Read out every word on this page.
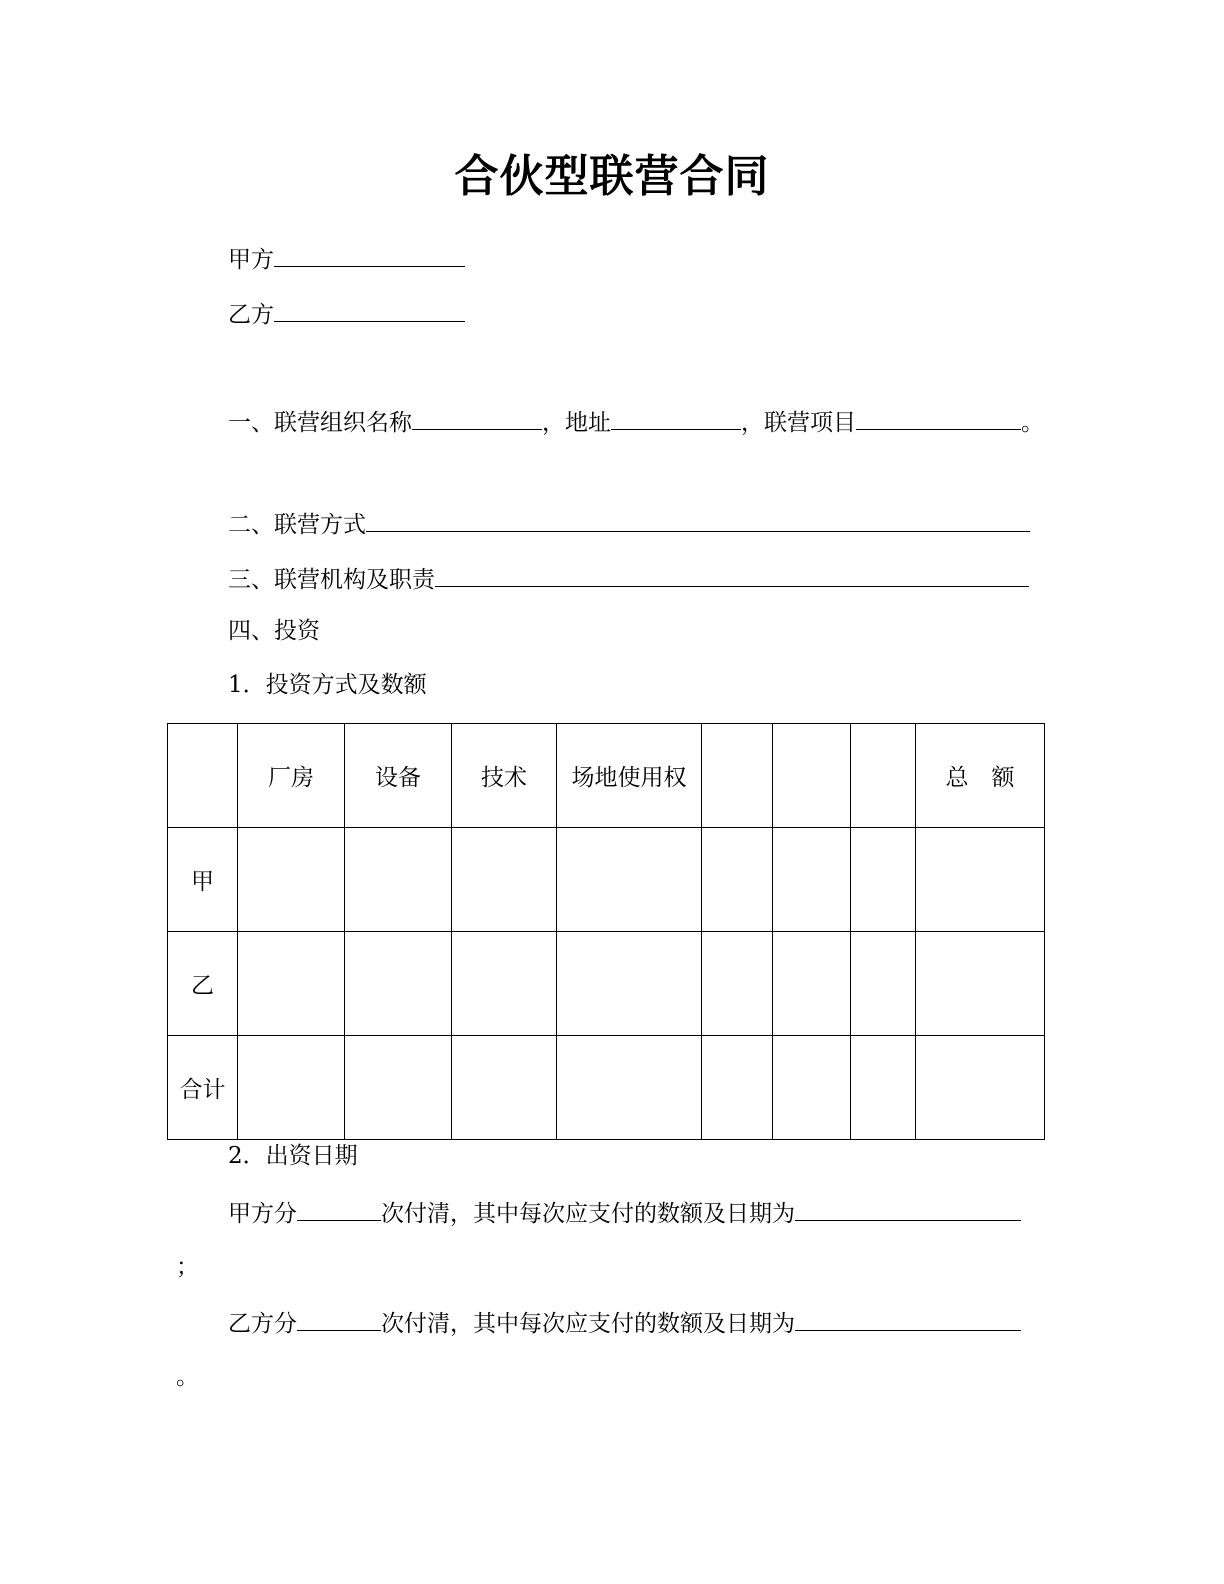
合伙型联营合同
甲方
乙方
一、联营组织名称	，地址	，联营项目	。
二、联营方式
三、联营机构及职责
四、投资
1．投资方式及数额
	厂房	设备	技术	场地使用权				总　额
甲								
乙								
合计								
2．出资日期
甲方分	次付清，其中每次应支付的数额及日期为
；
乙方分	次付清，其中每次应支付的数额及日期为
。
